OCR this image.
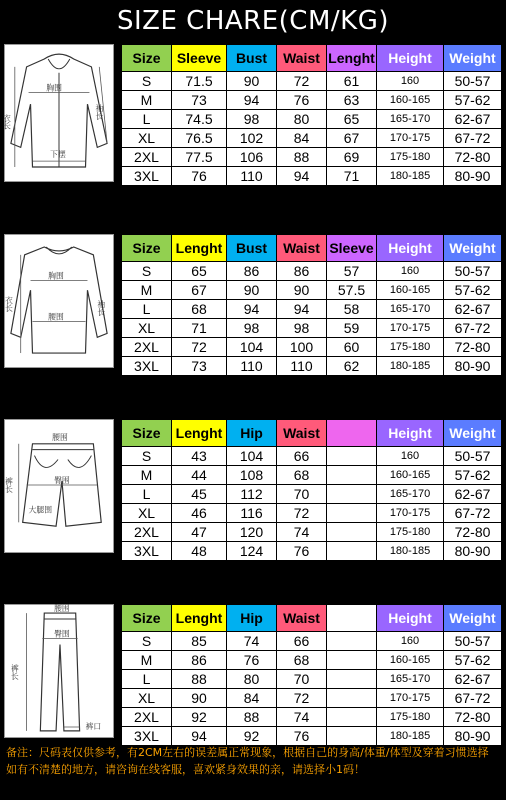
SIZE CHARE(CM/KG)
胸围
衣长
袖长
下摆
Size	Sleeve	Bust	Waist	Lenght	Height	Weight
S	71.5	90	72	61	160	50-57
M	73	94	76	63	160-165	57-62
L	74.5	98	80	65	165-170	62-67
XL	76.5	102	84	67	170-175	67-72
2XL	77.5	106	88	69	175-180	72-80
3XL	76	110	94	71	180-185	80-90
胸围
衣长	袖长
腰围
Size	Lenght	Bust	Waist	Sleeve	Height	Weight
S	65	86	86	57	160	50-57
M	67	90	90	57.5	160-165	57-62
L	68	94	94	58	165-170	62-67
XL	71	98	98	59	170-175	67-72
2XL	72	104	100	60	175-180	72-80
3XL	73	110	110	62	180-185	80-90
腰围
臀围
裤长
大腿围
Size	Lenght	Hip	Waist		Height	Weight
S	43	104	66		160	50-57
M	44	108	68		160-165	57-62
L	45	112	70		165-170	62-67
XL	46	116	72		170-175	67-72
2XL	47	120	74		175-180	72-80
3XL	48	124	76		180-185	80-90
腰围
臀围
裤长
裤口
Size	Lenght	Hip	Waist		Height	Weight
S	85	74	66		160	50-57
M	86	76	68		160-165	57-62
L	88	80	70		165-170	62-67
XL	90	84	72		170-175	67-72
2XL	92	88	74		175-180	72-80
3XL	94	92	76		180-185	80-90
备注：尺码表仅供参考，有2CM左右的误差属正常现象，根据自己的身高/体重/体型及穿着习惯选择
如有不清楚的地方，请咨询在线客服，喜欢紧身效果的亲，请选择小1码！
